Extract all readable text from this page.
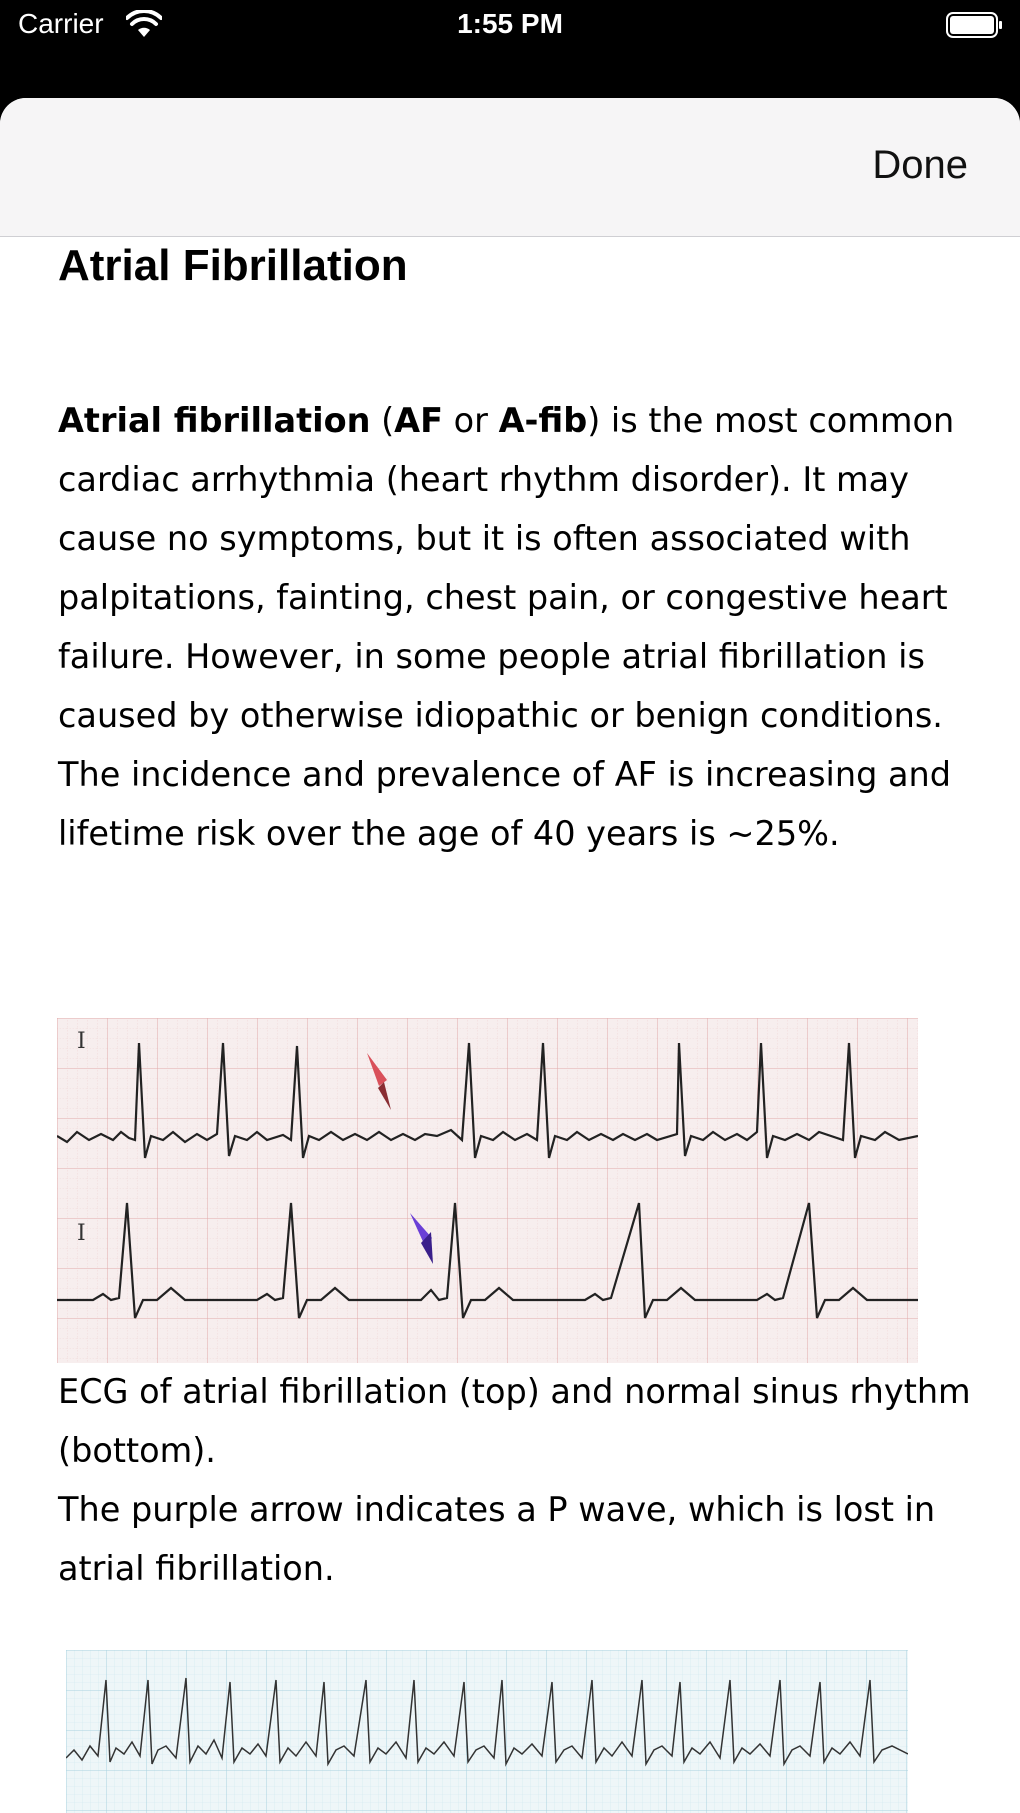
Carrier	1:55 PM
Done
Atrial Fibrillation

Atrial fibrillation (AF or A-fib) is the most common cardiac arrhythmia (heart rhythm disorder). It may cause no symptoms, but it is often associated with palpitations, fainting, chest pain, or congestive heart failure. However, in some people atrial fibrillation is caused by otherwise idiopathic or benign conditions. The incidence and prevalence of AF is increasing and lifetime risk over the age of 40 years is ~25%.

I
I
ECG of atrial fibrillation (top) and normal sinus rhythm (bottom).
The purple arrow indicates a P wave, which is lost in atrial fibrillation.
